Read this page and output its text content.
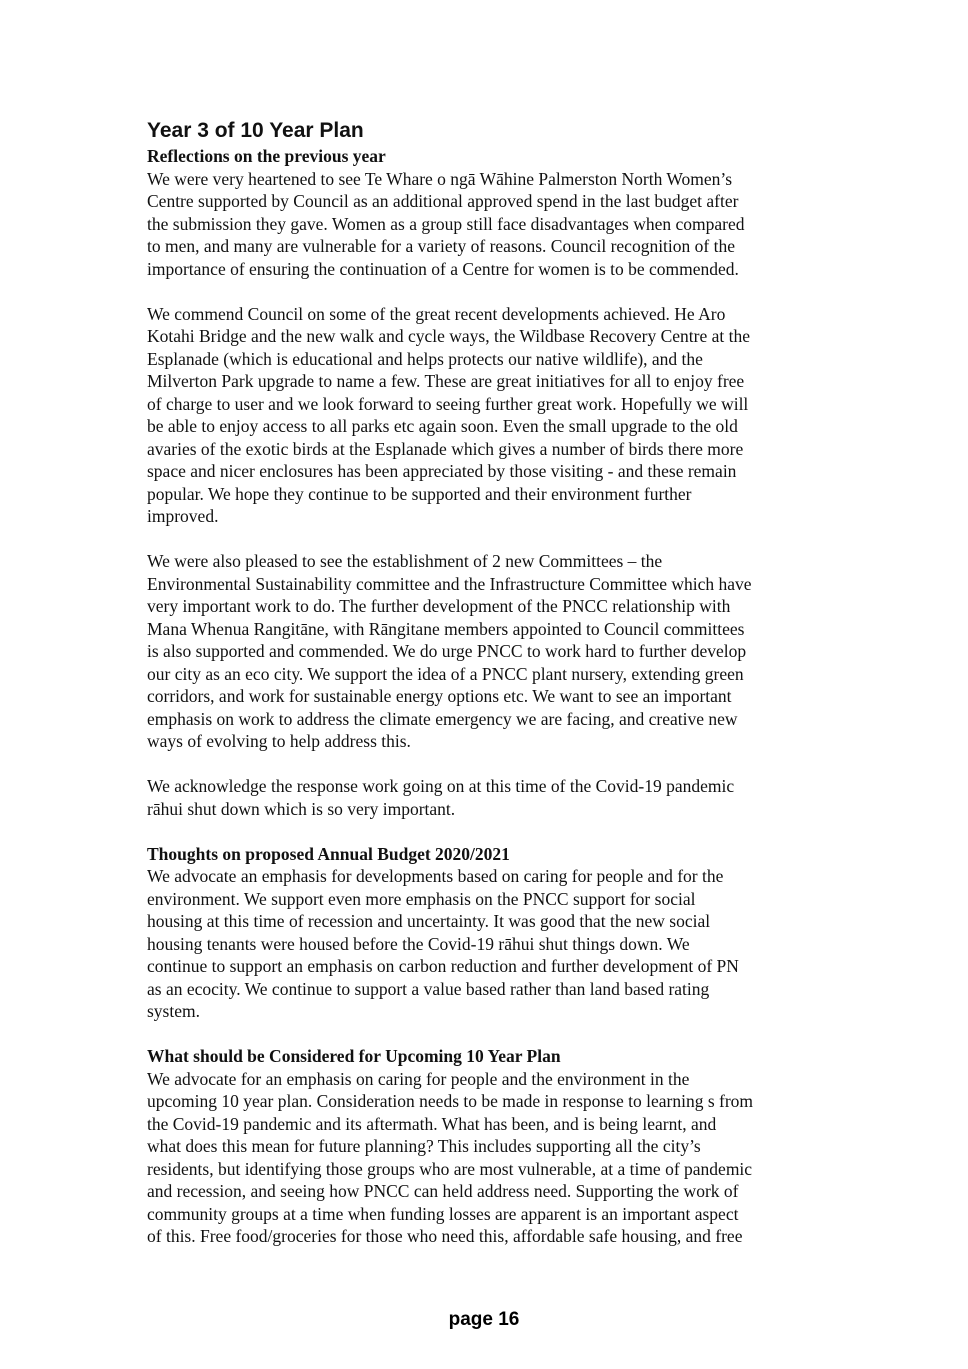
Year 3 of 10 Year Plan
Reflections on the previous year
We were very heartened to see Te Whare o ngā Wāhine Palmerston North Women’s
Centre supported by Council as an additional approved spend in the last budget after
the submission they gave. Women as a group still face disadvantages when compared
to men, and many are vulnerable for a variety of reasons. Council recognition of the
importance of ensuring the continuation of a Centre for women is to be commended.
We commend Council on some of the great recent developments achieved. He Aro
Kotahi Bridge and the new walk and cycle ways, the Wildbase Recovery Centre at the
Esplanade (which is educational and helps protects our native wildlife), and the
Milverton Park upgrade to name a few. These are great initiatives for all to enjoy free
of charge to user and we look forward to seeing further great work. Hopefully we will
be able to enjoy access to all parks etc again soon. Even the small upgrade to the old
avaries of the exotic birds at the Esplanade which gives a number of birds there more
space and nicer enclosures has been appreciated by those visiting - and these remain
popular. We hope they continue to be supported and their environment further
improved.
We were also pleased to see the establishment of 2 new Committees – the
Environmental Sustainability committee and the Infrastructure Committee which have
very important work to do. The further development of the PNCC relationship with
Mana Whenua Rangitāne, with Rāngitane members appointed to Council committees
is also supported and commended. We do urge PNCC to work hard to further develop
our city as an eco city. We support the idea of a PNCC plant nursery, extending green
corridors, and work for sustainable energy options etc. We want to see an important
emphasis on work to address the climate emergency we are facing, and creative new
ways of evolving to help address this.
We acknowledge the response work going on at this time of the Covid-19 pandemic
rāhui shut down which is so very important.
Thoughts on proposed Annual Budget 2020/2021
We advocate an emphasis for developments based on caring for people and for the
environment. We support even more emphasis on the PNCC support for social
housing at this time of recession and uncertainty. It was good that the new social
housing tenants were housed before the Covid-19 rāhui shut things down. We
continue to support an emphasis on carbon reduction and further development of PN
as an ecocity. We continue to support a value based rather than land based rating
system.
What should be Considered for Upcoming 10 Year Plan
We advocate for an emphasis on caring for people and the environment in the
upcoming 10 year plan. Consideration needs to be made in response to learning s from
the Covid-19 pandemic and its aftermath. What has been, and is being learnt, and
what does this mean for future planning? This includes supporting all the city’s
residents, but identifying those groups who are most vulnerable, at a time of pandemic
and recession, and seeing how PNCC can held address need. Supporting the work of
community groups at a time when funding losses are apparent is an important aspect
of this. Free food/groceries for those who need this, affordable safe housing, and free
page 16
